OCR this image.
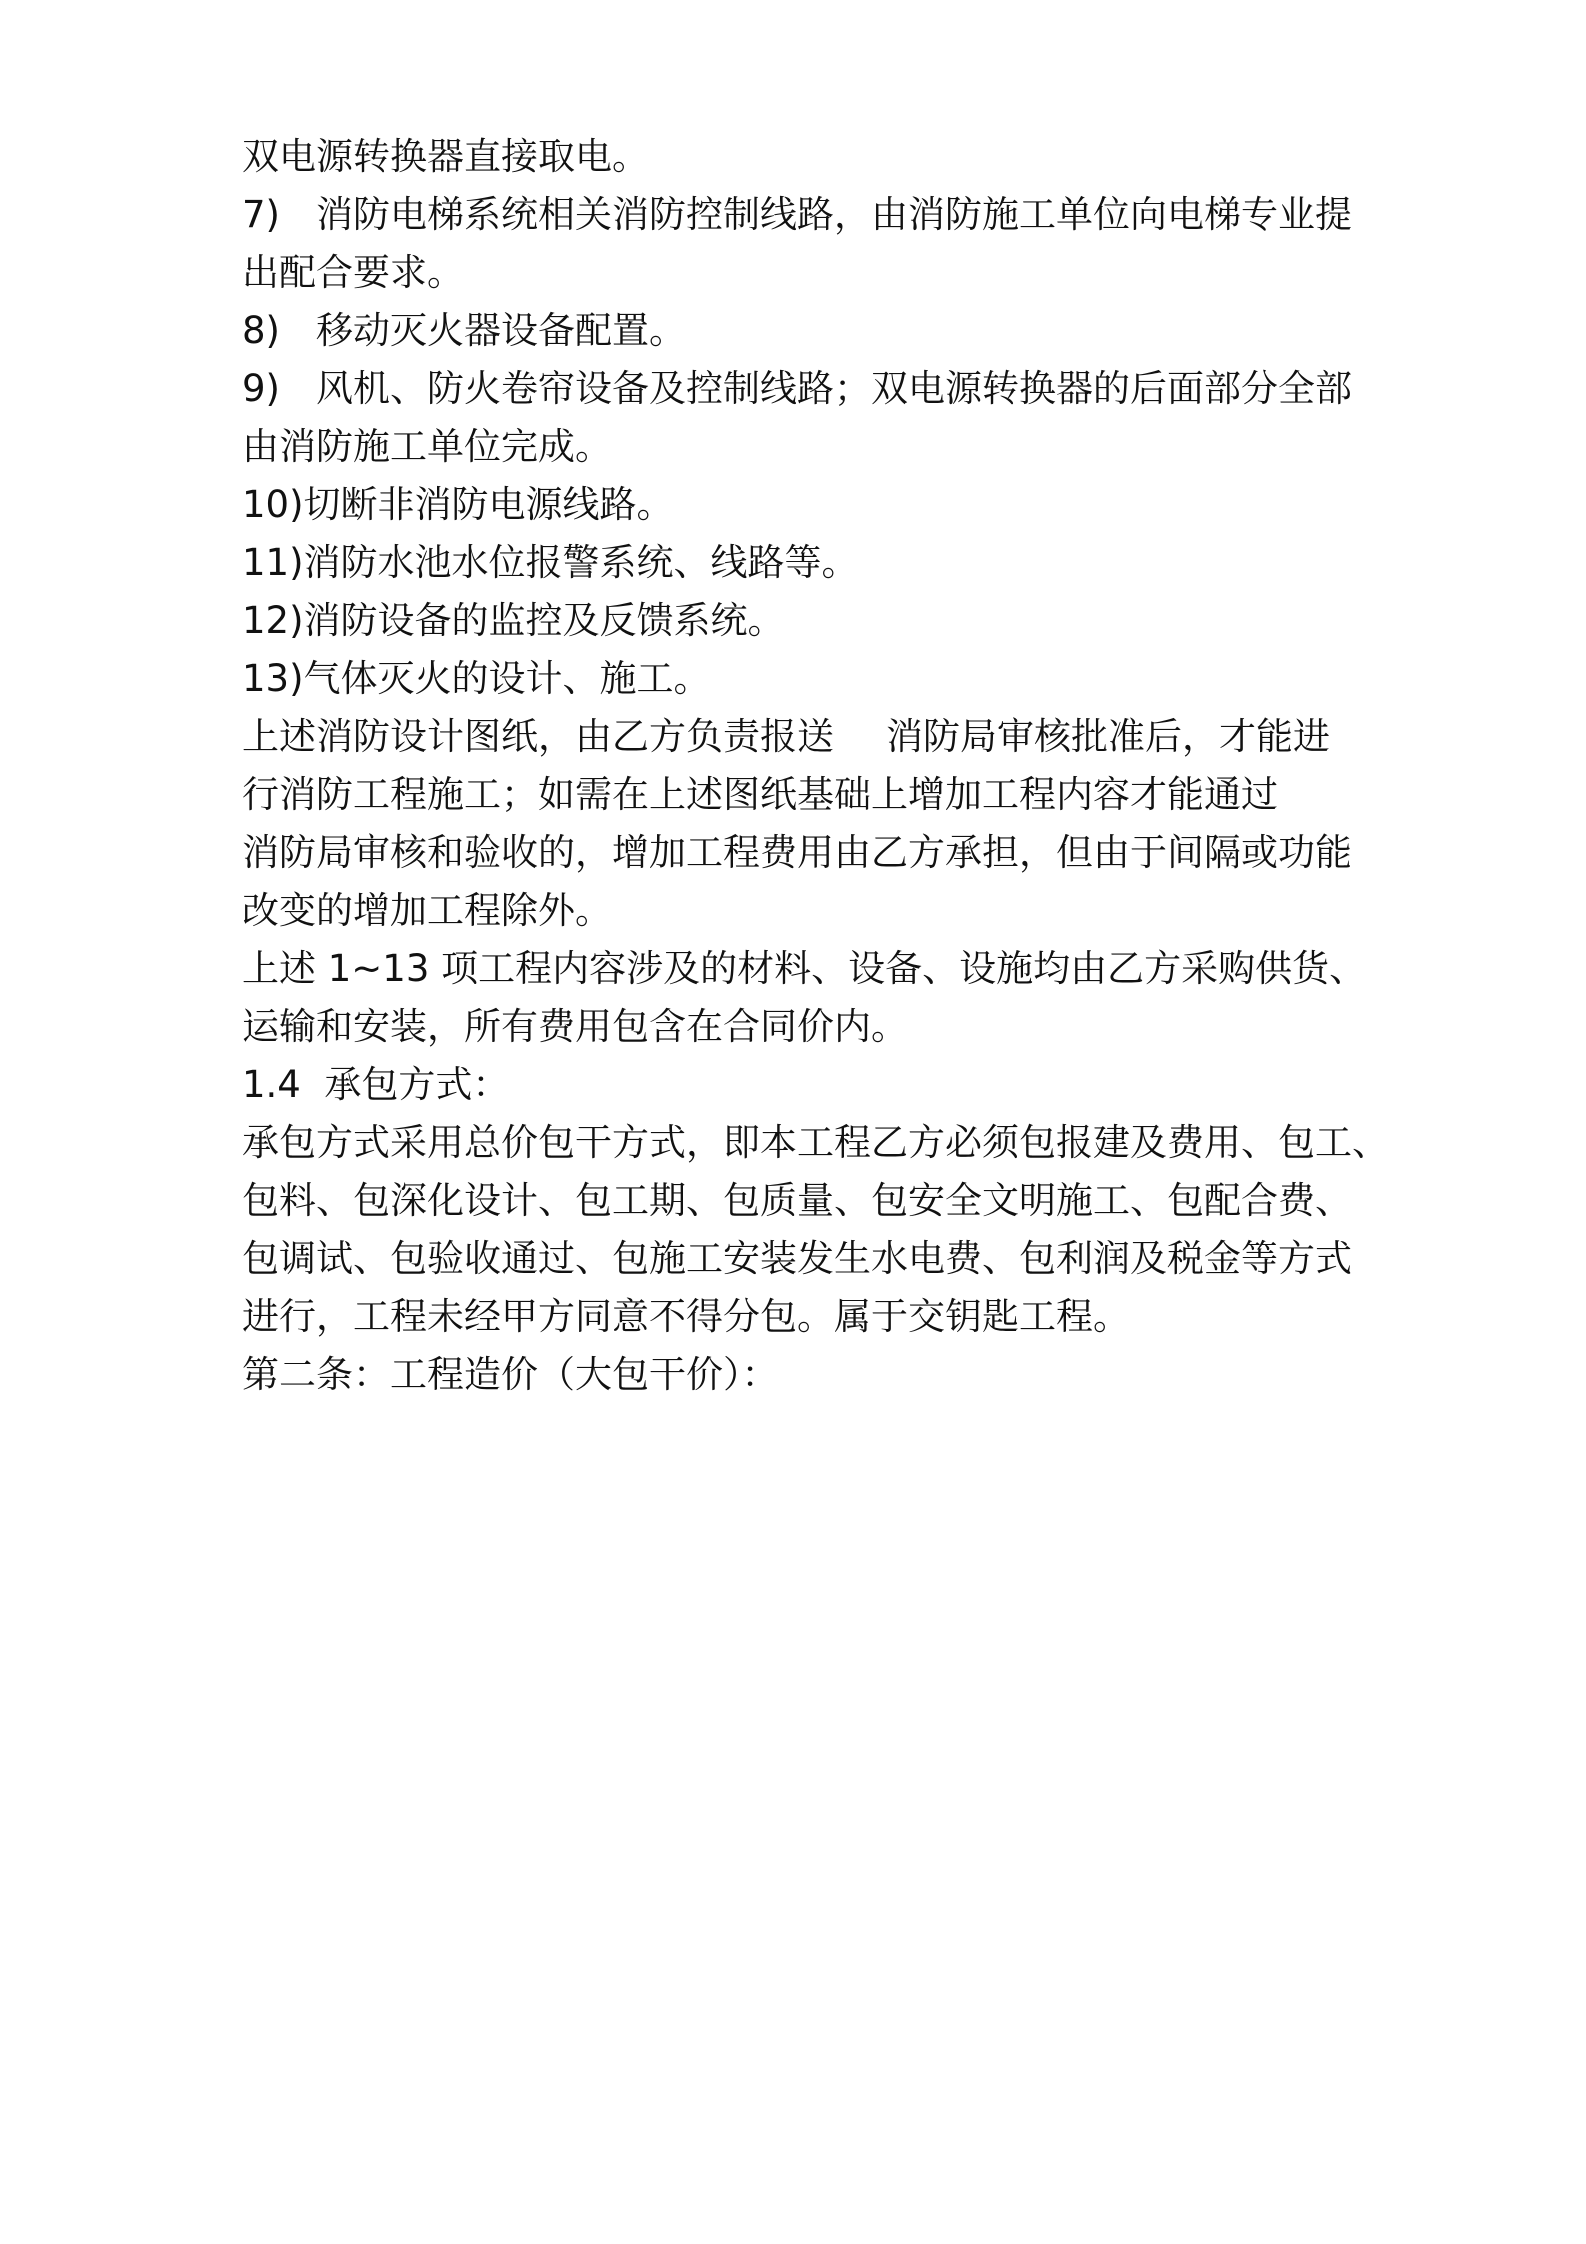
双电源转换器直接取电。
7) 消防电梯系统相关消防控制线路，由消防施工单位向电梯专业提
出配合要求。
8) 移动灭火器设备配置。
9) 风机、防火卷帘设备及控制线路；双电源转换器的后面部分全部
由消防施工单位完成。
10)切断非消防电源线路。
11)消防水池水位报警系统、线路等。
12)消防设备的监控及反馈系统。
13)气体灭火的设计、施工。
上述消防设计图纸，由乙方负责报送 消防局审核批准后，才能进
行消防工程施工；如需在上述图纸基础上增加工程内容才能通过
消防局审核和验收的，增加工程费用由乙方承担，但由于间隔或功能
改变的增加工程除外。
上述 1~13 项工程内容涉及的材料、设备、设施均由乙方采购供货、
运输和安装，所有费用包含在合同价内。
1.4  承包方式：
承包方式采用总价包干方式，即本工程乙方必须包报建及费用、包工、
包料、包深化设计、包工期、包质量、包安全文明施工、包配合费、
包调试、包验收通过、包施工安装发生水电费、包利润及税金等方式
进行，工程未经甲方同意不得分包。属于交钥匙工程。
第二条：工程造价（大包干价）：
